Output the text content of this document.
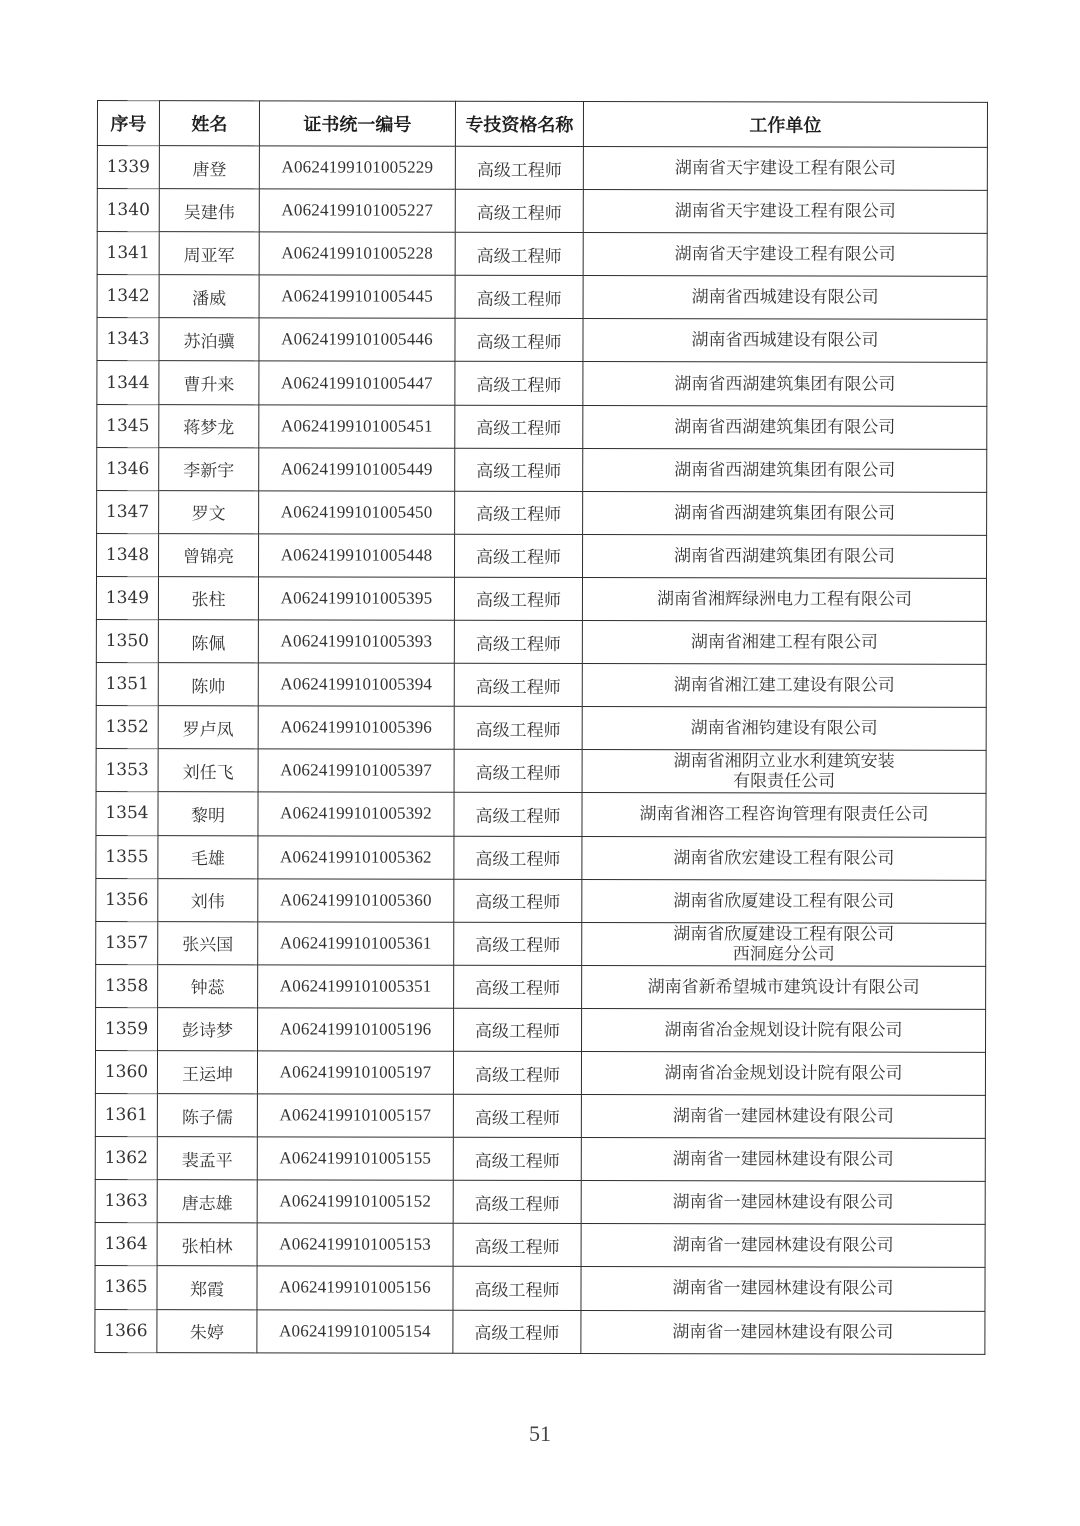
序号	姓名	证书统一编号	专技资格名称	工作单位
1339	唐登	A0624199101005229	高级工程师	湖南省天宇建设工程有限公司
1340	吴建伟	A0624199101005227	高级工程师	湖南省天宇建设工程有限公司
1341	周亚军	A0624199101005228	高级工程师	湖南省天宇建设工程有限公司
1342	潘威	A0624199101005445	高级工程师	湖南省西城建设有限公司
1343	苏泊骥	A0624199101005446	高级工程师	湖南省西城建设有限公司
1344	曹升来	A0624199101005447	高级工程师	湖南省西湖建筑集团有限公司
1345	蒋梦龙	A0624199101005451	高级工程师	湖南省西湖建筑集团有限公司
1346	李新宇	A0624199101005449	高级工程师	湖南省西湖建筑集团有限公司
1347	罗文	A0624199101005450	高级工程师	湖南省西湖建筑集团有限公司
1348	曾锦亮	A0624199101005448	高级工程师	湖南省西湖建筑集团有限公司
1349	张柱	A0624199101005395	高级工程师	湖南省湘辉绿洲电力工程有限公司
1350	陈佩	A0624199101005393	高级工程师	湖南省湘建工程有限公司
1351	陈帅	A0624199101005394	高级工程师	湖南省湘江建工建设有限公司
1352	罗卢凤	A0624199101005396	高级工程师	湖南省湘钧建设有限公司
1353	刘任飞	A0624199101005397	高级工程师	湖南省湘阴立业水利建筑安装
有限责任公司

1354	黎明	A0624199101005392	高级工程师	湖南省湘咨工程咨询管理有限责任公司
1355	毛雄	A0624199101005362	高级工程师	湖南省欣宏建设工程有限公司
1356	刘伟	A0624199101005360	高级工程师	湖南省欣厦建设工程有限公司
1357	张兴国	A0624199101005361	高级工程师	湖南省欣厦建设工程有限公司
西洞庭分公司

1358	钟蕊	A0624199101005351	高级工程师	湖南省新希望城市建筑设计有限公司
1359	彭诗梦	A0624199101005196	高级工程师	湖南省冶金规划设计院有限公司
1360	王运坤	A0624199101005197	高级工程师	湖南省冶金规划设计院有限公司
1361	陈子儒	A0624199101005157	高级工程师	湖南省一建园林建设有限公司
1362	裴孟平	A0624199101005155	高级工程师	湖南省一建园林建设有限公司
1363	唐志雄	A0624199101005152	高级工程师	湖南省一建园林建设有限公司
1364	张柏林	A0624199101005153	高级工程师	湖南省一建园林建设有限公司
1365	郑霞	A0624199101005156	高级工程师	湖南省一建园林建设有限公司
1366	朱婷	A0624199101005154	高级工程师	湖南省一建园林建设有限公司
51
